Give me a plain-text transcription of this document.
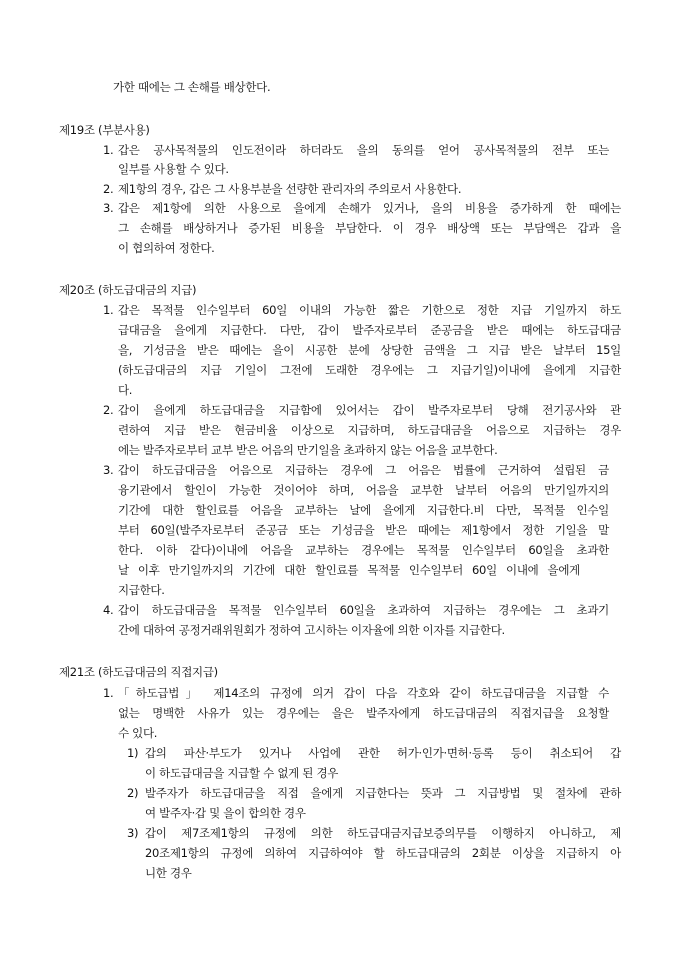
가한 때에는 그 손해를 배상한다.

제19조 (부분사용)

1. 갑은 공사목적물의 인도전이라 하더라도 을의 동의를 얻어 공사목적물의 전부 또는

일부를 사용할 수 있다.

2. 제1항의 경우, 갑은 그 사용부분을 선량한 관리자의 주의로서 사용한다.

3. 갑은 제1항에 의한 사용으로 을에게 손해가 있거나, 을의 비용을 증가하게 한 때에는

그 손해를 배상하거나 증가된 비용을 부담한다. 이 경우 배상액 또는 부담액은 갑과 을

이 협의하여 정한다.

제20조 (하도급대금의 지급)

1. 갑은 목적물 인수일부터 60일 이내의 가능한 짧은 기한으로 정한 지급 기일까지 하도

급대금을 을에게 지급한다. 다만, 갑이 발주자로부터 준공금을 받은 때에는 하도급대금

을, 기성금을 받은 때에는 을이 시공한 분에 상당한 금액을 그 지급 받은 날부터 15일

(하도급대금의 지급 기일이 그전에 도래한 경우에는 그 지급기일)이내에 을에게 지급한

다.

2. 갑이 을에게 하도급대금을 지급함에 있어서는 갑이 발주자로부터 당해 전기공사와 관

련하여 지급 받은 현금비율 이상으로 지급하며, 하도급대금을 어음으로 지급하는 경우

에는 발주자로부터 교부 받은 어음의 만기일을 초과하지 않는 어음을 교부한다.

3. 갑이 하도급대금을 어음으로 지급하는 경우에 그 어음은 법률에 근거하여 설립된 금

융기관에서 할인이 가능한 것이어야 하며, 어음을 교부한 날부터 어음의 만기일까지의

기간에 대한 할인료를 어음을 교부하는 날에 을에게 지급한다.비 다만, 목적물 인수일

부터 60일(발주자로부터 준공금 또는 기성금을 받은 때에는 제1항에서 정한 기일을 말

한다. 이하 같다)이내에 어음을 교부하는 경우에는 목적물 인수일부터 60일을 초과한

날 이후 만기일까지의 기간에 대한 할인료를 목적물 인수일부터 60일 이내에 을에게

지급한다.

4. 갑이 하도급대금을 목적물 인수일부터 60일을 초과하여 지급하는 경우에는 그 초과기

간에 대하여 공정거래위원회가 정하여 고시하는 이자율에 의한 이자를 지급한다.

제21조 (하도급대금의 직접지급)

1. 「하도급법」 제14조의 규정에 의거 갑이 다음 각호와 같이 하도급대금을 지급할 수

없는 명백한 사유가 있는 경우에는 을은 발주자에게 하도급대금의 직접지급을 요청할

수 있다.

1) 갑의 파산·부도가 있거나 사업에 관한 허가·인가·면허·등록 등이 취소되어 갑

이 하도급대금을 지급할 수 없게 된 경우

2) 발주자가 하도급대금을 직접 을에게 지급한다는 뜻과 그 지급방법 및 절차에 관하

여 발주자·갑 및 을이 합의한 경우

3) 갑이 제7조제1항의 규정에 의한 하도급대금지급보증의무를 이행하지 아니하고, 제

20조제1항의 규정에 의하여 지급하여야 할 하도급대금의 2회분 이상을 지급하지 아

니한 경우
